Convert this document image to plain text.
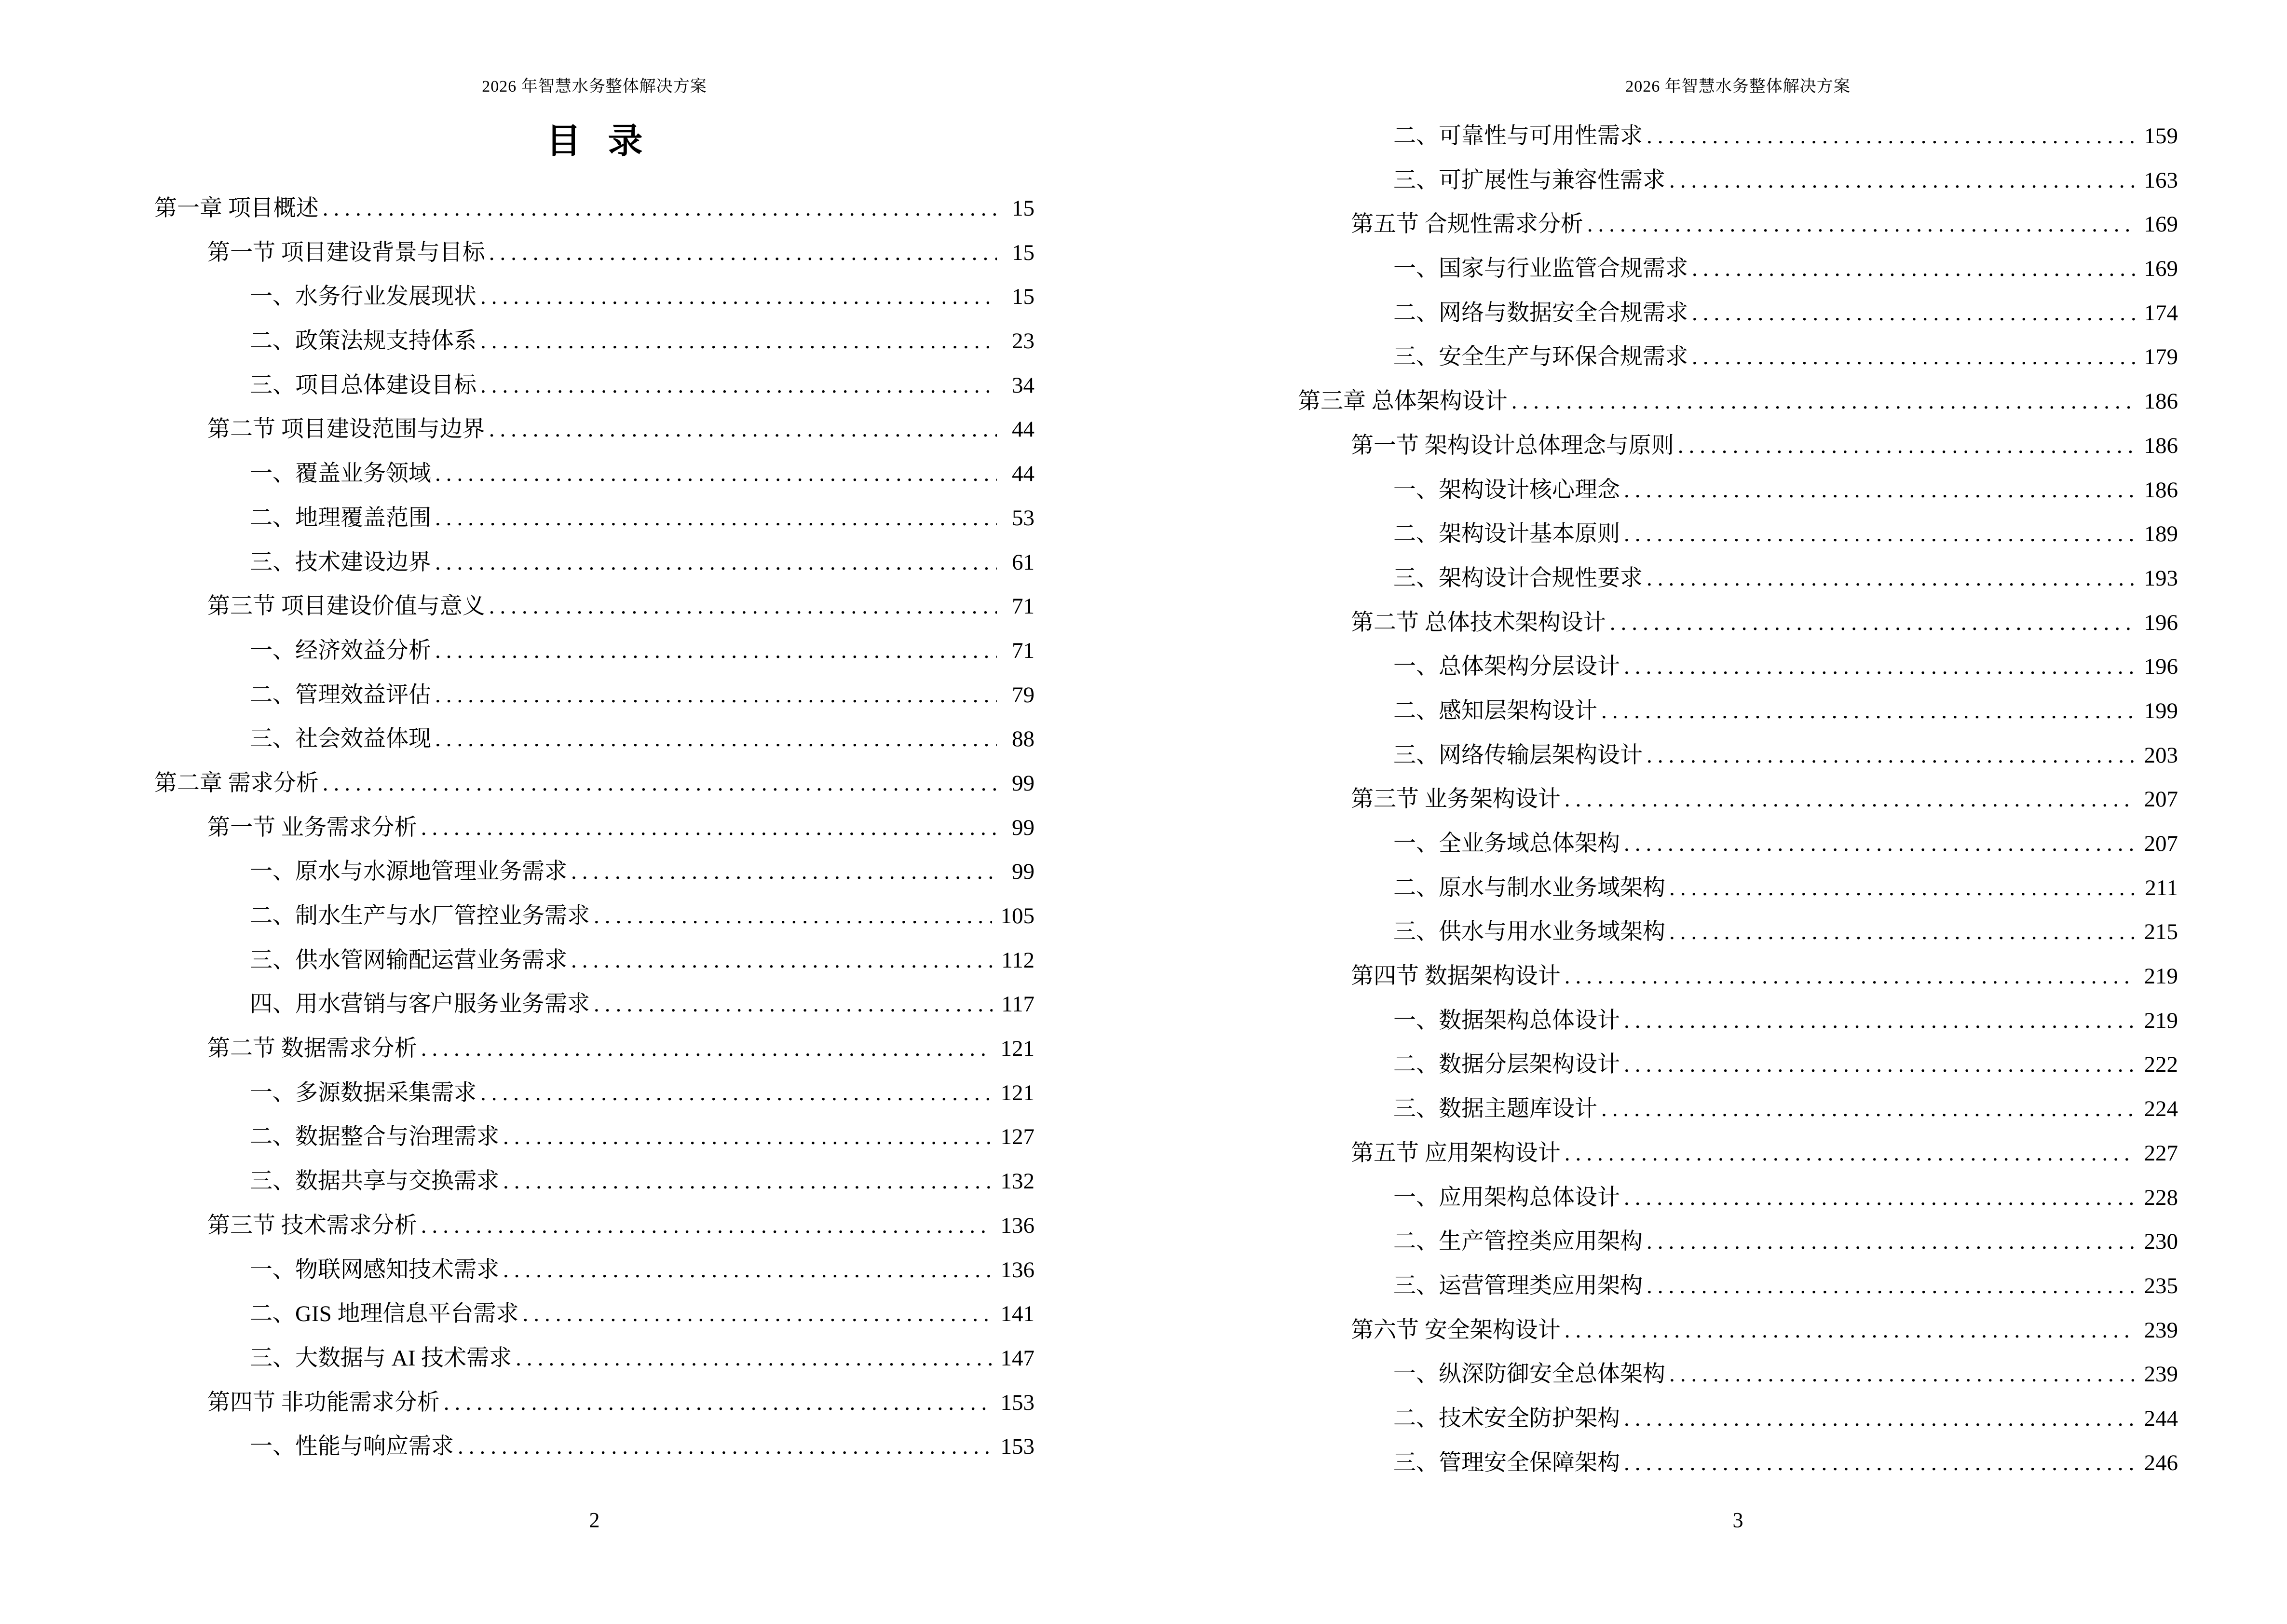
2026 年智慧水务整体解决方案
目 录
第一章 项目概述 .....	15
第一节 项目建设背景与目标 .....	15
一、水务行业发展现状 .....	15
二、政策法规支持体系 .....	23
三、项目总体建设目标 .....	34
第二节 项目建设范围与边界 .....	44
一、覆盖业务领域 .....	44
二、地理覆盖范围 .....	53
三、技术建设边界 .....	61
第三节 项目建设价值与意义 .....	71
一、经济效益分析 .....	71
二、管理效益评估 .....	79
三、社会效益体现 .....	88
第二章 需求分析 .....	99
第一节 业务需求分析 .....	99
一、原水与水源地管理业务需求 .....	99
二、制水生产与水厂管控业务需求 .....	105
三、供水管网输配运营业务需求 .....	112
四、用水营销与客户服务业务需求 .....	117
第二节 数据需求分析 .....	121
一、多源数据采集需求 .....	121
二、数据整合与治理需求 .....	127
三、数据共享与交换需求 .....	132
第三节 技术需求分析 .....	136
一、物联网感知技术需求 .....	136
二、GIS 地理信息平台需求 .....	141
三、大数据与 AI 技术需求 .....	147
第四节 非功能需求分析 .....	153
一、性能与响应需求 .....	153
2
2026 年智慧水务整体解决方案
二、可靠性与可用性需求 .....	159
三、可扩展性与兼容性需求 .....	163
第五节 合规性需求分析 .....	169
一、国家与行业监管合规需求 .....	169
二、网络与数据安全合规需求 .....	174
三、安全生产与环保合规需求 .....	179
第三章 总体架构设计 .....	186
第一节 架构设计总体理念与原则 .....	186
一、架构设计核心理念 .....	186
二、架构设计基本原则 .....	189
三、架构设计合规性要求 .....	193
第二节 总体技术架构设计 .....	196
一、总体架构分层设计 .....	196
二、感知层架构设计 .....	199
三、网络传输层架构设计 .....	203
第三节 业务架构设计 .....	207
一、全业务域总体架构 .....	207
二、原水与制水业务域架构 .....	211
三、供水与用水业务域架构 .....	215
第四节 数据架构设计 .....	219
一、数据架构总体设计 .....	219
二、数据分层架构设计 .....	222
三、数据主题库设计 .....	224
第五节 应用架构设计 .....	227
一、应用架构总体设计 .....	228
二、生产管控类应用架构 .....	230
三、运营管理类应用架构 .....	235
第六节 安全架构设计 .....	239
一、纵深防御安全总体架构 .....	239
二、技术安全防护架构 .....	244
三、管理安全保障架构 .....	246
3
